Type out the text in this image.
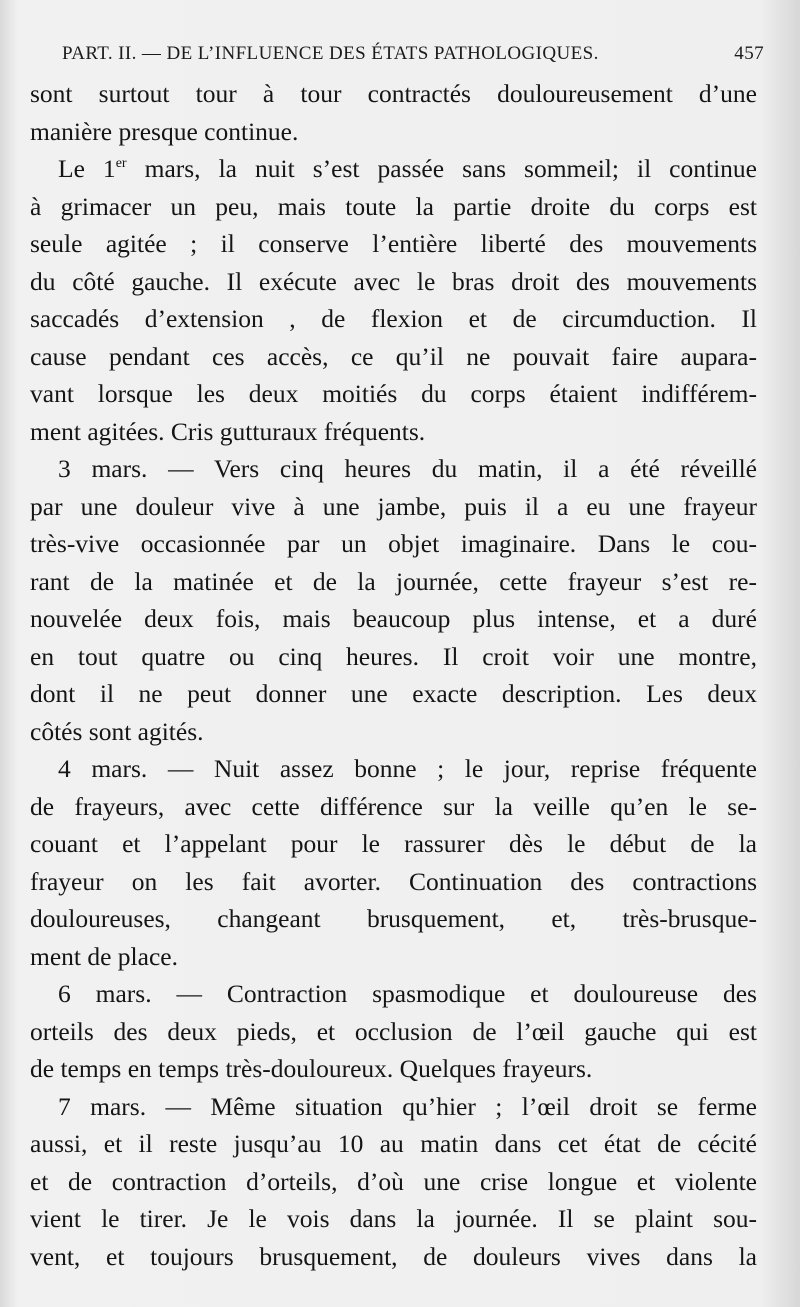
PART. II. — DE L’INFLUENCE DES ÉTATS PATHOLOGIQUES.	457
sont surtout tour à tour contractés douloureusement d’une
manière presque continue.
Le 1er mars, la nuit s’est passée sans sommeil; il continue
à grimacer un peu, mais toute la partie droite du corps est
seule agitée ; il conserve l’entière liberté des mouvements
du côté gauche. Il exécute avec le bras droit des mouvements
saccadés d’extension , de flexion et de circumduction. Il
cause pendant ces accès, ce qu’il ne pouvait faire aupara-
vant lorsque les deux moitiés du corps étaient indifférem-
ment agitées. Cris gutturaux fréquents.
3 mars. — Vers cinq heures du matin, il a été réveillé
par une douleur vive à une jambe, puis il a eu une frayeur
très-vive occasionnée par un objet imaginaire. Dans le cou-
rant de la matinée et de la journée, cette frayeur s’est re-
nouvelée deux fois, mais beaucoup plus intense, et a duré
en tout quatre ou cinq heures. Il croit voir une montre,
dont il ne peut donner une exacte description. Les deux
côtés sont agités.
4 mars. — Nuit assez bonne ; le jour, reprise fréquente
de frayeurs, avec cette différence sur la veille qu’en le se-
couant et l’appelant pour le rassurer dès le début de la
frayeur on les fait avorter. Continuation des contractions
douloureuses, changeant brusquement, et, très-brusque-
ment de place.
6 mars. — Contraction spasmodique et douloureuse des
orteils des deux pieds, et occlusion de l’œil gauche qui est
de temps en temps très-douloureux. Quelques frayeurs.
7 mars. — Même situation qu’hier ; l’œil droit se ferme
aussi, et il reste jusqu’au 10 au matin dans cet état de cécité
et de contraction d’orteils, d’où une crise longue et violente
vient le tirer. Je le vois dans la journée. Il se plaint sou-
vent, et toujours brusquement, de douleurs vives dans la
